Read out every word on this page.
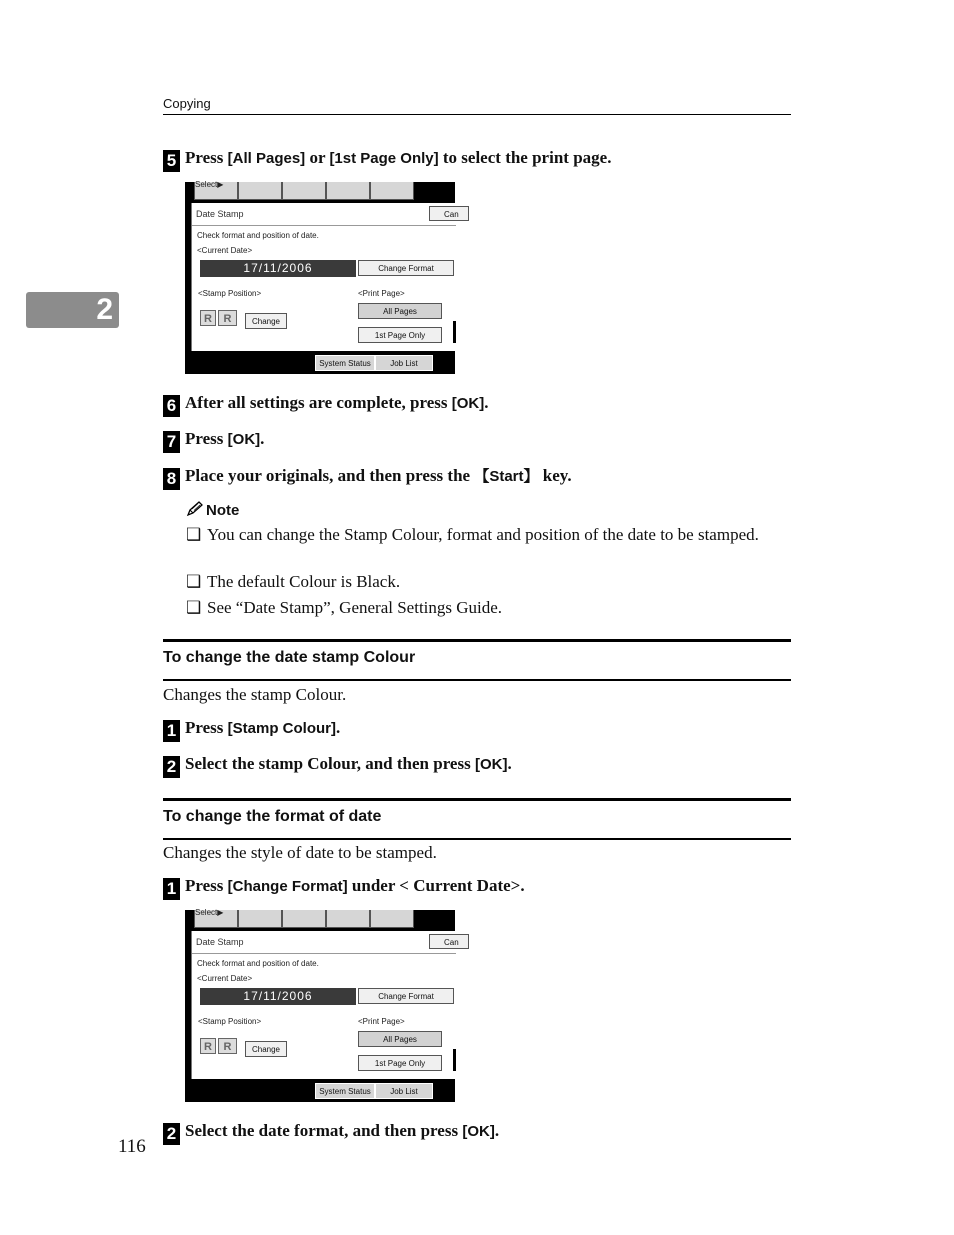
Copying
2
5 Press [All Pages] or [1st Page Only] to select the print page.
Select▶
Date Stamp	Can
Check format and position of date.
<Current Date>
17/11/2006	Change Format
<Stamp Position>	<Print Page>
R	R	Change
All Pages
1st Page Only
System Status	Job List
6 After all settings are complete, press [OK].
7 Press [OK].
8 Place your originals, and then press the 【Start】 key.
Note
❑ You can change the Stamp Colour, format and position of the date to be stamped.
❑ The default Colour is Black.
❑ See “Date Stamp”, General Settings Guide.
To change the date stamp Colour
Changes the stamp Colour.
1 Press [Stamp Colour].
2 Select the stamp Colour, and then press [OK].
To change the format of date
Changes the style of date to be stamped.
1 Press [Change Format] under < Current Date>.
Select▶
Date Stamp	Can
Check format and position of date.
<Current Date>
17/11/2006	Change Format
<Stamp Position>	<Print Page>
R	R	Change
All Pages
1st Page Only
System Status	Job List
2 Select the date format, and then press [OK].
116
